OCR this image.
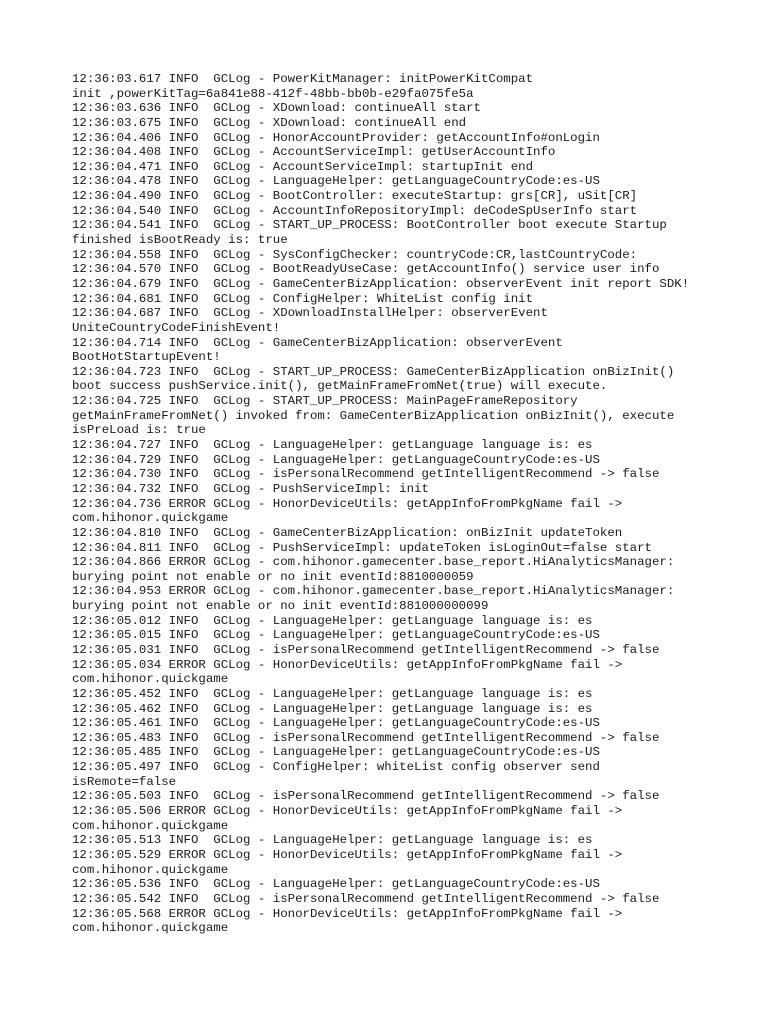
12:36:03.617 INFO  GCLog - PowerKitManager: initPowerKitCompat
init ,powerKitTag=6a841e88-412f-48bb-bb0b-e29fa075fe5a
12:36:03.636 INFO  GCLog - XDownload: continueAll start
12:36:03.675 INFO  GCLog - XDownload: continueAll end
12:36:04.406 INFO  GCLog - HonorAccountProvider: getAccountInfo#onLogin
12:36:04.408 INFO  GCLog - AccountServiceImpl: getUserAccountInfo
12:36:04.471 INFO  GCLog - AccountServiceImpl: startupInit end
12:36:04.478 INFO  GCLog - LanguageHelper: getLanguageCountryCode:es-US
12:36:04.490 INFO  GCLog - BootController: executeStartup: grs[CR], uSit[CR]
12:36:04.540 INFO  GCLog - AccountInfoRepositoryImpl: deCodeSpUserInfo start
12:36:04.541 INFO  GCLog - START_UP_PROCESS: BootController boot execute Startup
finished isBootReady is: true
12:36:04.558 INFO  GCLog - SysConfigChecker: countryCode:CR,lastCountryCode:
12:36:04.570 INFO  GCLog - BootReadyUseCase: getAccountInfo() service user info
12:36:04.679 INFO  GCLog - GameCenterBizApplication: observerEvent init report SDK!
12:36:04.681 INFO  GCLog - ConfigHelper: WhiteList config init
12:36:04.687 INFO  GCLog - XDownloadInstallHelper: observerEvent
UniteCountryCodeFinishEvent!
12:36:04.714 INFO  GCLog - GameCenterBizApplication: observerEvent
BootHotStartupEvent!
12:36:04.723 INFO  GCLog - START_UP_PROCESS: GameCenterBizApplication onBizInit()
boot success pushService.init(), getMainFrameFromNet(true) will execute.
12:36:04.725 INFO  GCLog - START_UP_PROCESS: MainPageFrameRepository
getMainFrameFromNet() invoked from: GameCenterBizApplication onBizInit(), execute
isPreLoad is: true
12:36:04.727 INFO  GCLog - LanguageHelper: getLanguage language is: es
12:36:04.729 INFO  GCLog - LanguageHelper: getLanguageCountryCode:es-US
12:36:04.730 INFO  GCLog - isPersonalRecommend getIntelligentRecommend -> false
12:36:04.732 INFO  GCLog - PushServiceImpl: init
12:36:04.736 ERROR GCLog - HonorDeviceUtils: getAppInfoFromPkgName fail ->
com.hihonor.quickgame
12:36:04.810 INFO  GCLog - GameCenterBizApplication: onBizInit updateToken
12:36:04.811 INFO  GCLog - PushServiceImpl: updateToken isLoginOut=false start
12:36:04.866 ERROR GCLog - com.hihonor.gamecenter.base_report.HiAnalyticsManager:
burying point not enable or no init eventId:8810000059
12:36:04.953 ERROR GCLog - com.hihonor.gamecenter.base_report.HiAnalyticsManager:
burying point not enable or no init eventId:881000000099
12:36:05.012 INFO  GCLog - LanguageHelper: getLanguage language is: es
12:36:05.015 INFO  GCLog - LanguageHelper: getLanguageCountryCode:es-US
12:36:05.031 INFO  GCLog - isPersonalRecommend getIntelligentRecommend -> false
12:36:05.034 ERROR GCLog - HonorDeviceUtils: getAppInfoFromPkgName fail ->
com.hihonor.quickgame
12:36:05.452 INFO  GCLog - LanguageHelper: getLanguage language is: es
12:36:05.462 INFO  GCLog - LanguageHelper: getLanguage language is: es
12:36:05.461 INFO  GCLog - LanguageHelper: getLanguageCountryCode:es-US
12:36:05.483 INFO  GCLog - isPersonalRecommend getIntelligentRecommend -> false
12:36:05.485 INFO  GCLog - LanguageHelper: getLanguageCountryCode:es-US
12:36:05.497 INFO  GCLog - ConfigHelper: whiteList config observer send
isRemote=false
12:36:05.503 INFO  GCLog - isPersonalRecommend getIntelligentRecommend -> false
12:36:05.506 ERROR GCLog - HonorDeviceUtils: getAppInfoFromPkgName fail ->
com.hihonor.quickgame
12:36:05.513 INFO  GCLog - LanguageHelper: getLanguage language is: es
12:36:05.529 ERROR GCLog - HonorDeviceUtils: getAppInfoFromPkgName fail ->
com.hihonor.quickgame
12:36:05.536 INFO  GCLog - LanguageHelper: getLanguageCountryCode:es-US
12:36:05.542 INFO  GCLog - isPersonalRecommend getIntelligentRecommend -> false
12:36:05.568 ERROR GCLog - HonorDeviceUtils: getAppInfoFromPkgName fail ->
com.hihonor.quickgame
